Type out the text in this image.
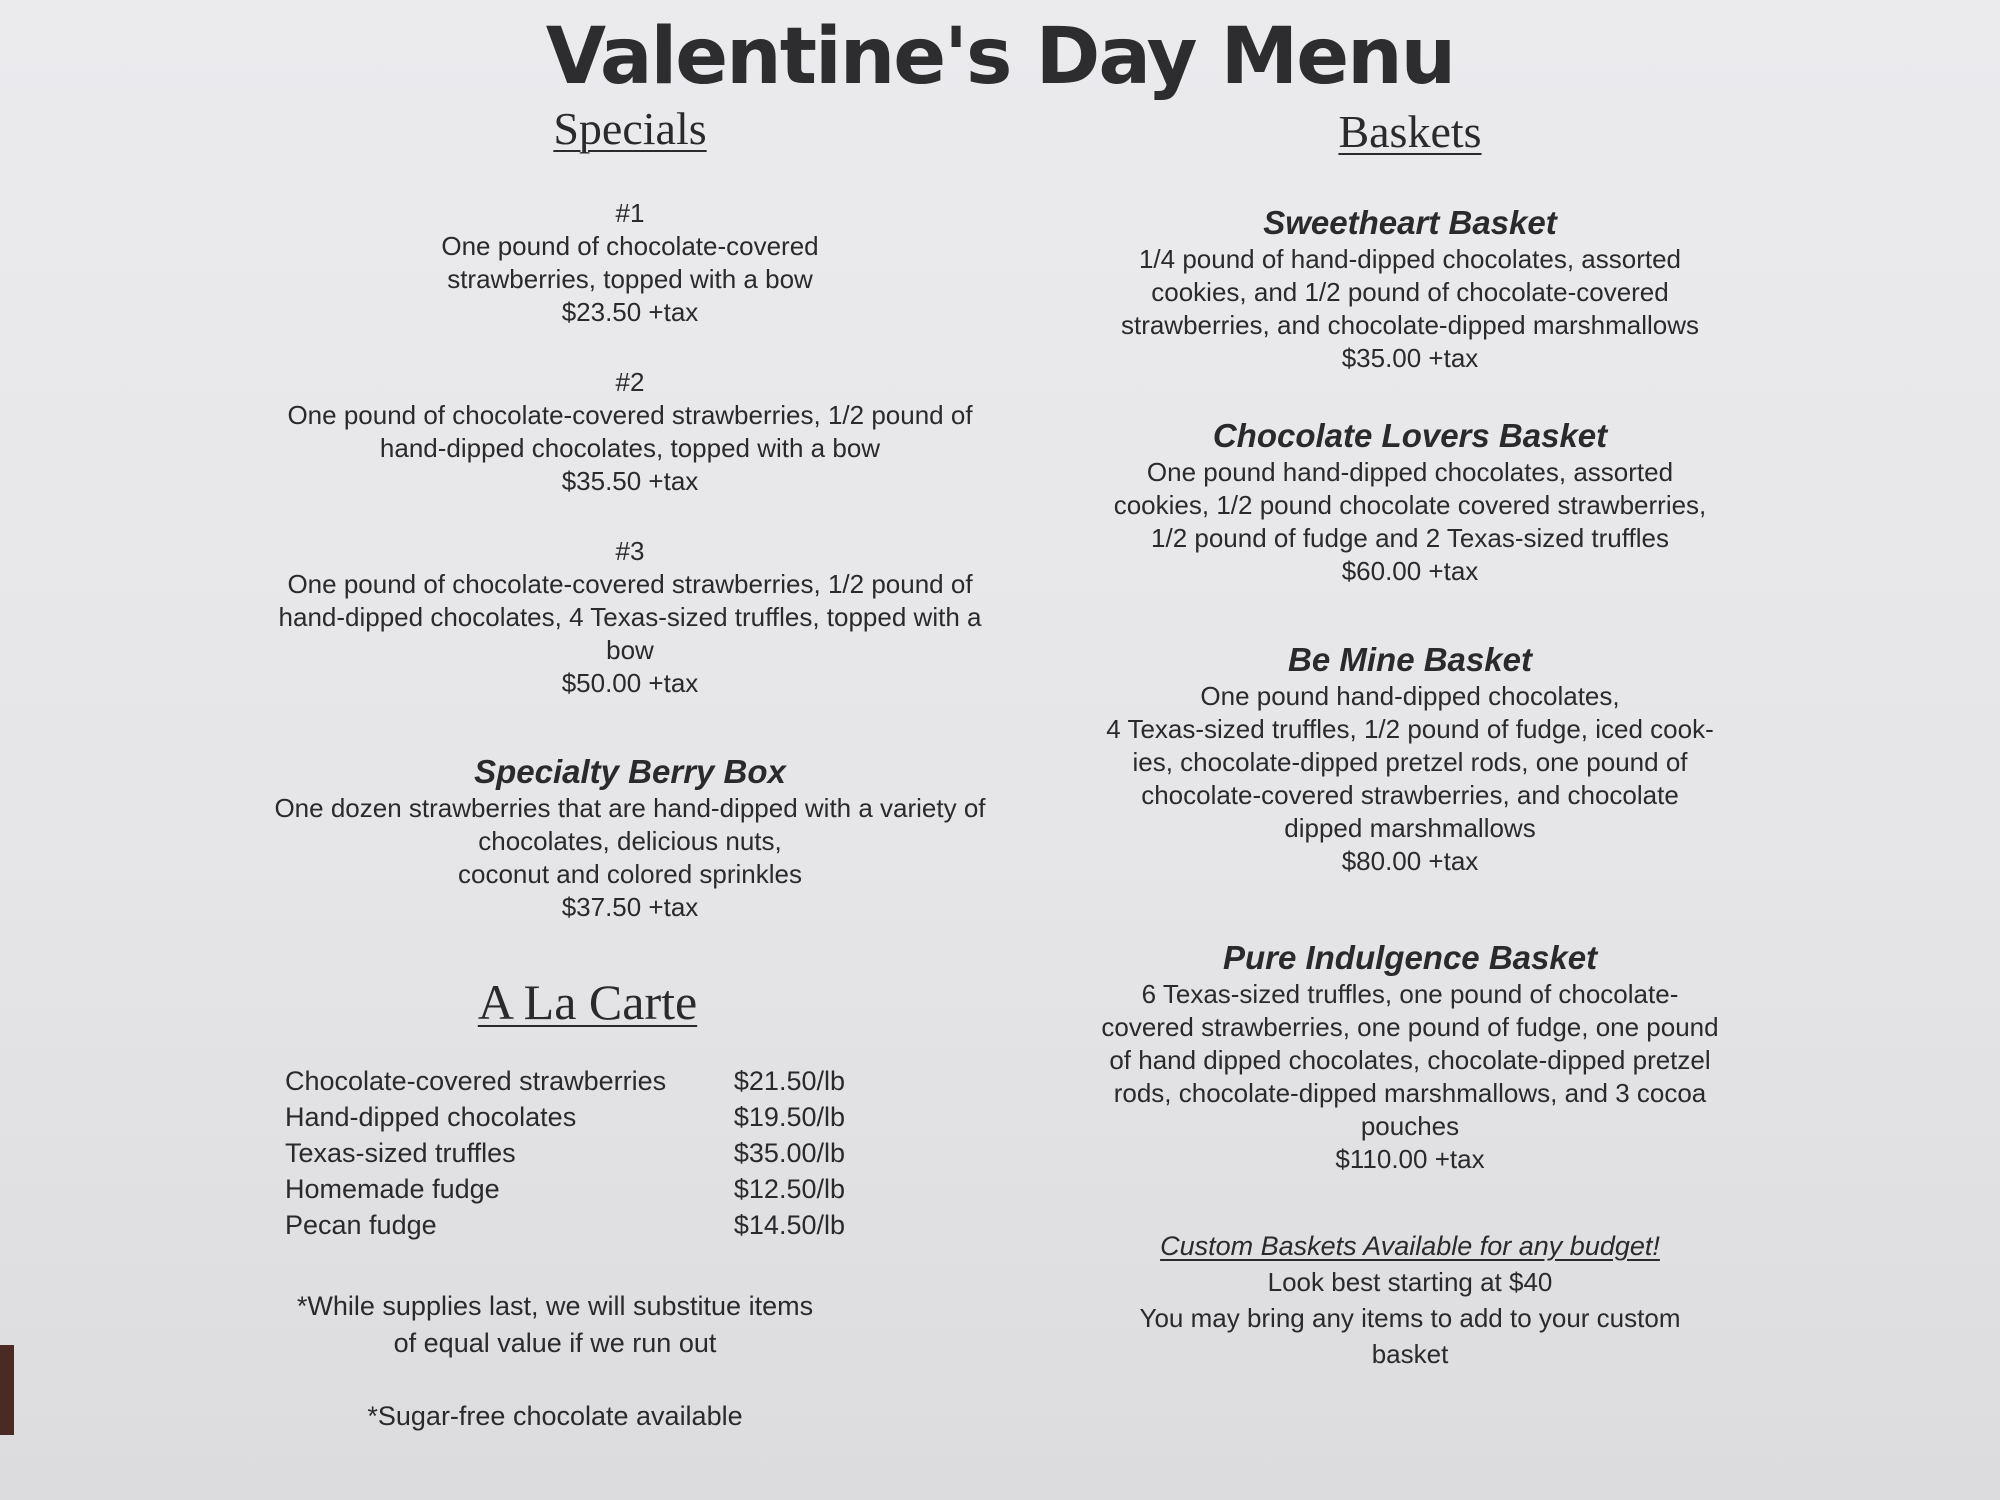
Valentine's Day Menu
Specials
#1
One pound of chocolate-covered
strawberries, topped with a bow
$23.50 +tax
#2
One pound of chocolate-covered strawberries, 1/2 pound of
hand-dipped chocolates, topped with a bow
$35.50 +tax
#3
One pound of chocolate-covered strawberries, 1/2 pound of
hand-dipped chocolates, 4 Texas-sized truffles, topped with a
bow
$50.00 +tax
Specialty Berry Box
One dozen strawberries that are hand-dipped with a variety of
chocolates, delicious nuts,
coconut and colored sprinkles
$37.50 +tax
A La Carte
Chocolate-covered strawberries	$21.50/lb
Hand-dipped chocolates	$19.50/lb
Texas-sized truffles	$35.00/lb
Homemade fudge	$12.50/lb
Pecan fudge	$14.50/lb
*While supplies last, we will substitue items
of equal value if we run out
*Sugar-free chocolate available
Baskets
Sweetheart Basket
1/4 pound of hand-dipped chocolates, assorted
cookies, and 1/2 pound of chocolate-covered
strawberries, and chocolate-dipped marshmallows
$35.00 +tax
Chocolate Lovers Basket
One pound hand-dipped chocolates, assorted
cookies, 1/2 pound chocolate covered strawberries,
1/2 pound of fudge and 2 Texas-sized truffles
$60.00 +tax
Be Mine Basket
One pound hand-dipped chocolates,
4 Texas-sized truffles, 1/2 pound of fudge, iced cook-
ies, chocolate-dipped pretzel rods, one pound of
chocolate-covered strawberries, and chocolate
dipped marshmallows
$80.00 +tax
Pure Indulgence Basket
6 Texas-sized truffles, one pound of chocolate-
covered strawberries, one pound of fudge, one pound
of hand dipped chocolates, chocolate-dipped pretzel
rods, chocolate-dipped marshmallows, and 3 cocoa
pouches
$110.00 +tax
Custom Baskets Available for any budget!
Look best starting at $40
You may bring any items to add to your custom
basket
